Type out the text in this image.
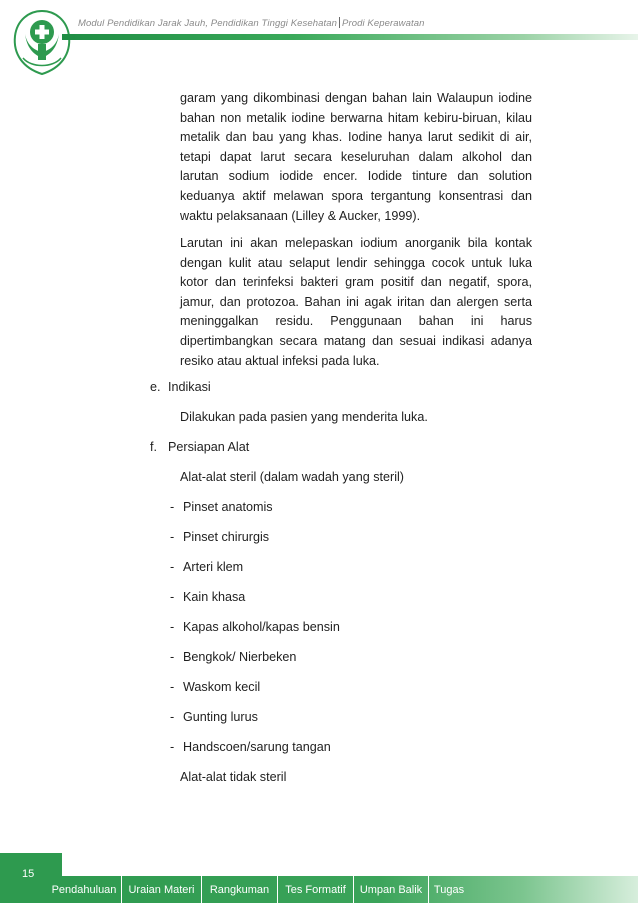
Modul Pendidikan Jarak Jauh, Pendidikan Tinggi Kesehatan Prodi Keperawatan

garam yang dikombinasi dengan bahan lain Walaupun iodine bahan non metalik iodine berwarna hitam kebiru-biruan, kilau metalik dan bau yang khas. Iodine hanya larut sedikit di air, tetapi dapat larut secara keseluruhan dalam alkohol dan larutan sodium iodide encer. Iodide tinture dan solution keduanya aktif melawan spora tergantung konsentrasi dan waktu pelaksanaan (Lilley & Aucker, 1999).

Larutan ini akan melepaskan iodium anorganik bila kontak dengan kulit atau selaput lendir sehingga cocok untuk luka kotor dan terinfeksi bakteri gram positif dan negatif, spora, jamur, dan protozoa. Bahan ini agak iritan dan alergen serta meninggalkan residu. Penggunaan bahan ini harus dipertimbangkan secara matang dan sesuai indikasi adanya resiko atau aktual infeksi pada luka.

e. Indikasi
Dilakukan pada pasien yang menderita luka.
f. Persiapan Alat
Alat-alat steril (dalam wadah yang steril)
- Pinset anatomis
- Pinset chirurgis
- Arteri klem
- Kain khasa
- Kapas alkohol/kapas bensin
- Bengkok/ Nierbeken
- Waskom kecil
- Gunting lurus
- Handscoen/sarung tangan
Alat-alat tidak steril
15
Pendahuluan	Uraian Materi	Rangkuman	Tes Formatif	Umpan Balik	Tugas
